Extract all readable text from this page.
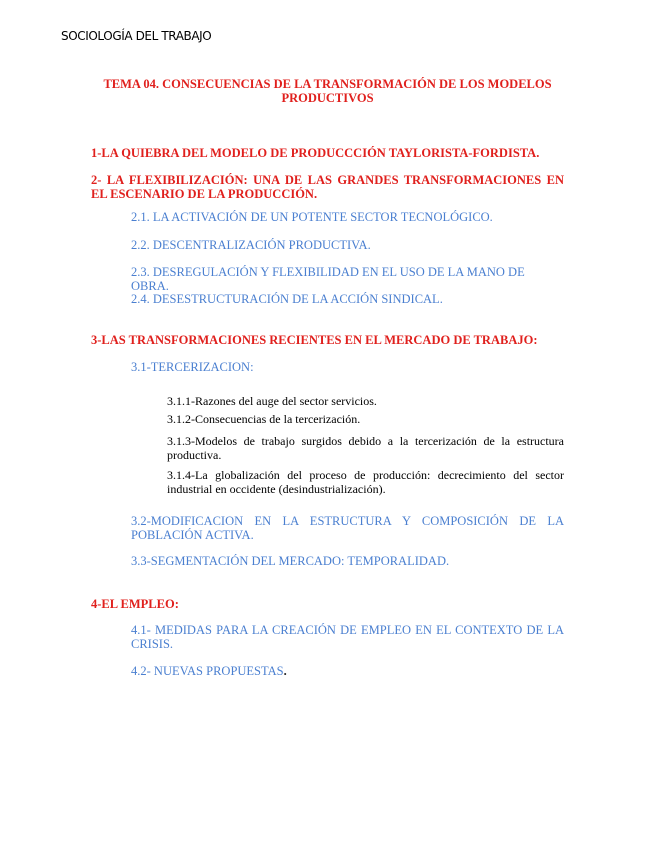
SOCIOLOGÍA DEL TRABAJO
TEMA 04. CONSECUENCIAS DE LA TRANSFORMACIÓN DE LOS MODELOS PRODUCTIVOS
1-LA QUIEBRA DEL MODELO DE PRODUCCCIÓN TAYLORISTA-FORDISTA.
2- LA FLEXIBILIZACIÓN: UNA DE LAS GRANDES TRANSFORMACIONES EN EL ESCENARIO DE LA PRODUCCIÓN.
2.1. LA ACTIVACIÓN DE UN POTENTE SECTOR TECNOLÓGICO.
2.2. DESCENTRALIZACIÓN PRODUCTIVA.
2.3. DESREGULACIÓN Y FLEXIBILIDAD EN EL USO DE LA MANO DE OBRA.
2.4. DESESTRUCTURACIÓN DE LA ACCIÓN SINDICAL.
3-LAS TRANSFORMACIONES RECIENTES EN EL MERCADO DE TRABAJO:
3.1-TERCERIZACION:
3.1.1-Razones del auge del sector servicios.
3.1.2-Consecuencias de la tercerización.
3.1.3-Modelos de trabajo surgidos debido a la tercerización de la estructura productiva.
3.1.4-La globalización del proceso de producción: decrecimiento del sector industrial en occidente (desindustrialización).
3.2-MODIFICACION EN LA ESTRUCTURA Y COMPOSICIÓN DE LA POBLACIÓN ACTIVA.
3.3-SEGMENTACIÓN DEL MERCADO: TEMPORALIDAD.
4-EL EMPLEO:
4.1- MEDIDAS PARA LA CREACIÓN DE EMPLEO EN EL CONTEXTO DE LA CRISIS.
4.2- NUEVAS PROPUESTAS.
